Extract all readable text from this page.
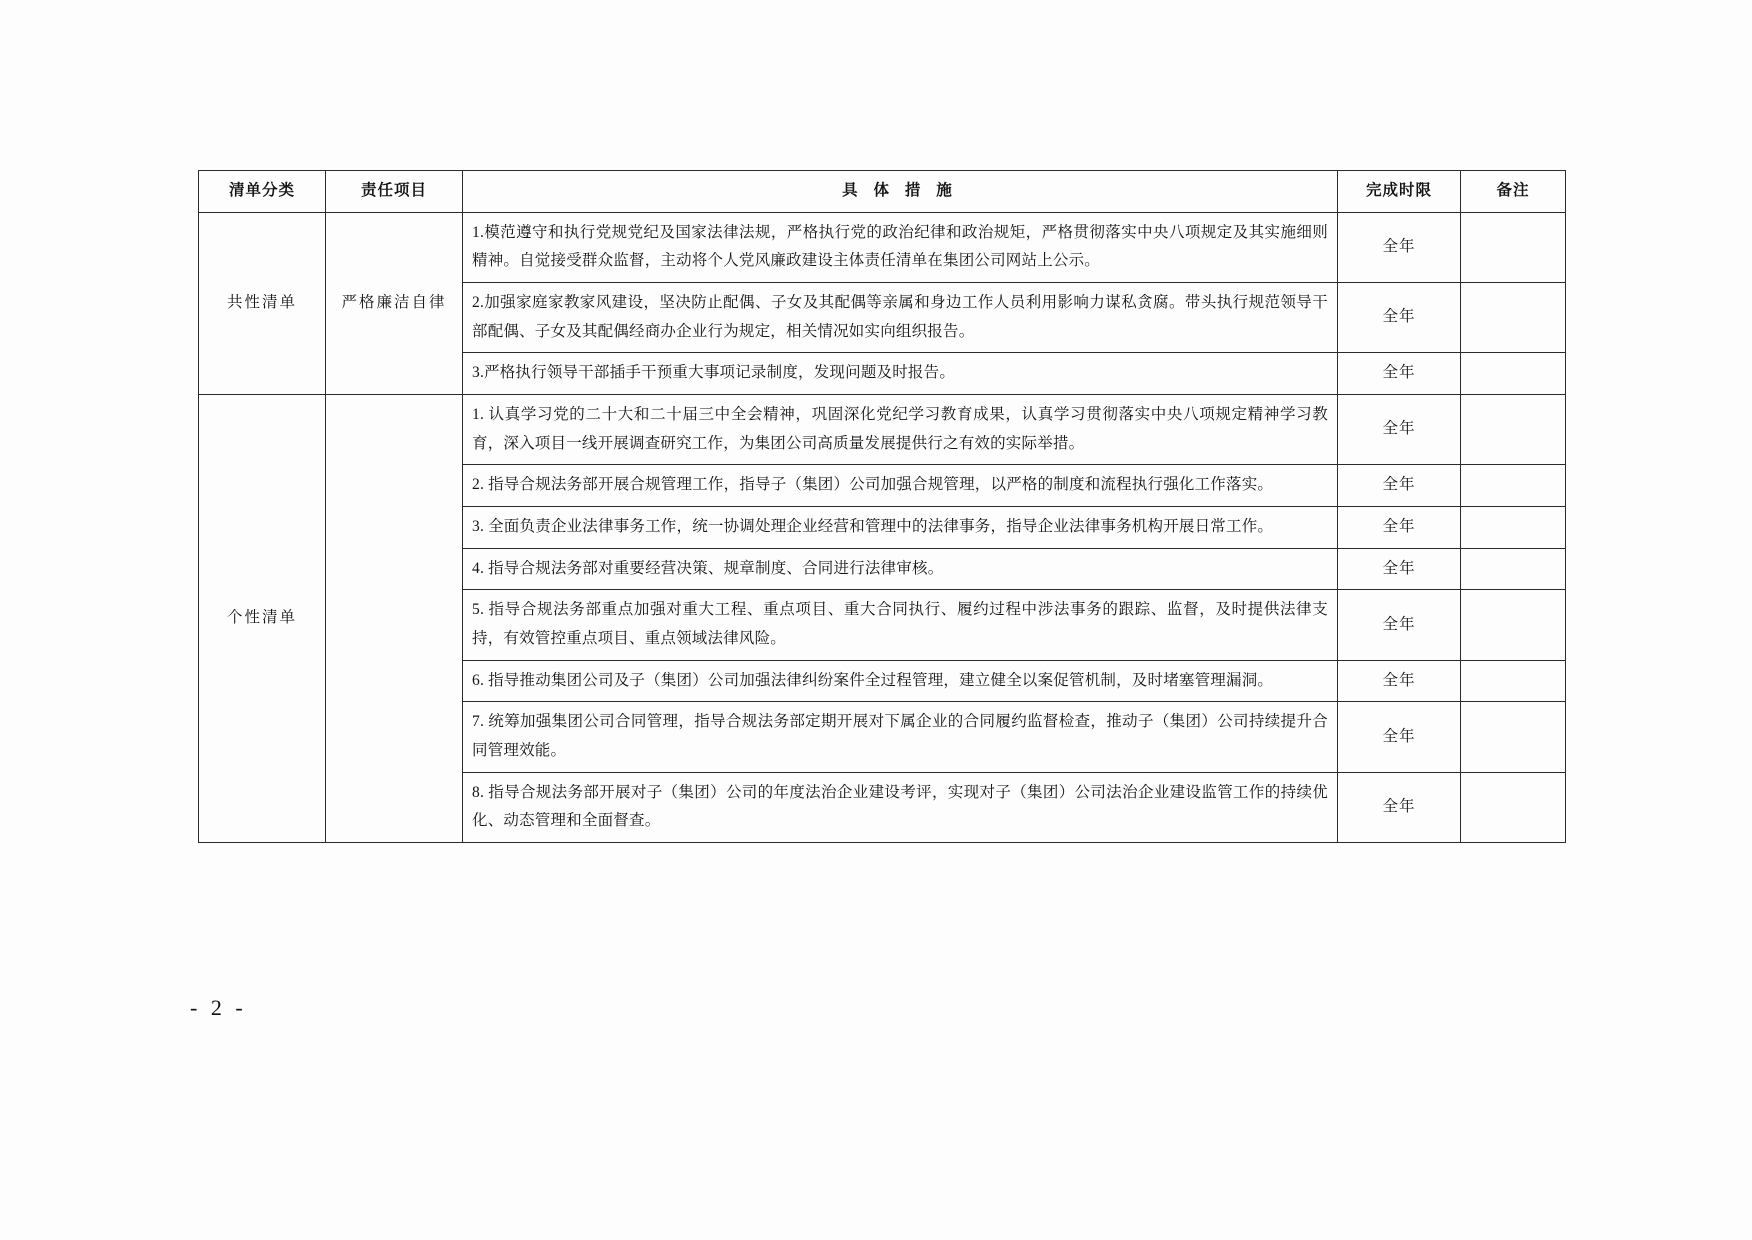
清单分类	责任项目	具 体 措 施	完成时限	备注
共性清单	严格廉洁自律	1.模范遵守和执行党规党纪及国家法律法规，严格执行党的政治纪律和政治规矩，严格贯彻落实中央八项规定及其实施细则精神。自觉接受群众监督，主动将个人党风廉政建设主体责任清单在集团公司网站上公示。	全年	
		2.加强家庭家教家风建设，坚决防止配偶、子女及其配偶等亲属和身边工作人员利用影响力谋私贪腐。带头执行规范领导干部配偶、子女及其配偶经商办企业行为规定，相关情况如实向组织报告。	全年	
		3.严格执行领导干部插手干预重大事项记录制度，发现问题及时报告。	全年	
个性清单		1. 认真学习党的二十大和二十届三中全会精神，巩固深化党纪学习教育成果，认真学习贯彻落实中央八项规定精神学习教育，深入项目一线开展调查研究工作，为集团公司高质量发展提供行之有效的实际举措。	全年	
		2. 指导合规法务部开展合规管理工作，指导子（集团）公司加强合规管理，以严格的制度和流程执行强化工作落实。	全年	
		3. 全面负责企业法律事务工作，统一协调处理企业经营和管理中的法律事务，指导企业法律事务机构开展日常工作。	全年	
		4. 指导合规法务部对重要经营决策、规章制度、合同进行法律审核。	全年	
		5. 指导合规法务部重点加强对重大工程、重点项目、重大合同执行、履约过程中涉法事务的跟踪、监督，及时提供法律支持，有效管控重点项目、重点领域法律风险。	全年	
		6. 指导推动集团公司及子（集团）公司加强法律纠纷案件全过程管理，建立健全以案促管机制，及时堵塞管理漏洞。	全年	
		7. 统筹加强集团公司合同管理，指导合规法务部定期开展对下属企业的合同履约监督检查，推动子（集团）公司持续提升合同管理效能。	全年	
		8. 指导合规法务部开展对子（集团）公司的年度法治企业建设考评，实现对子（集团）公司法治企业建设监管工作的持续优化、动态管理和全面督查。	全年	
- 2 -
